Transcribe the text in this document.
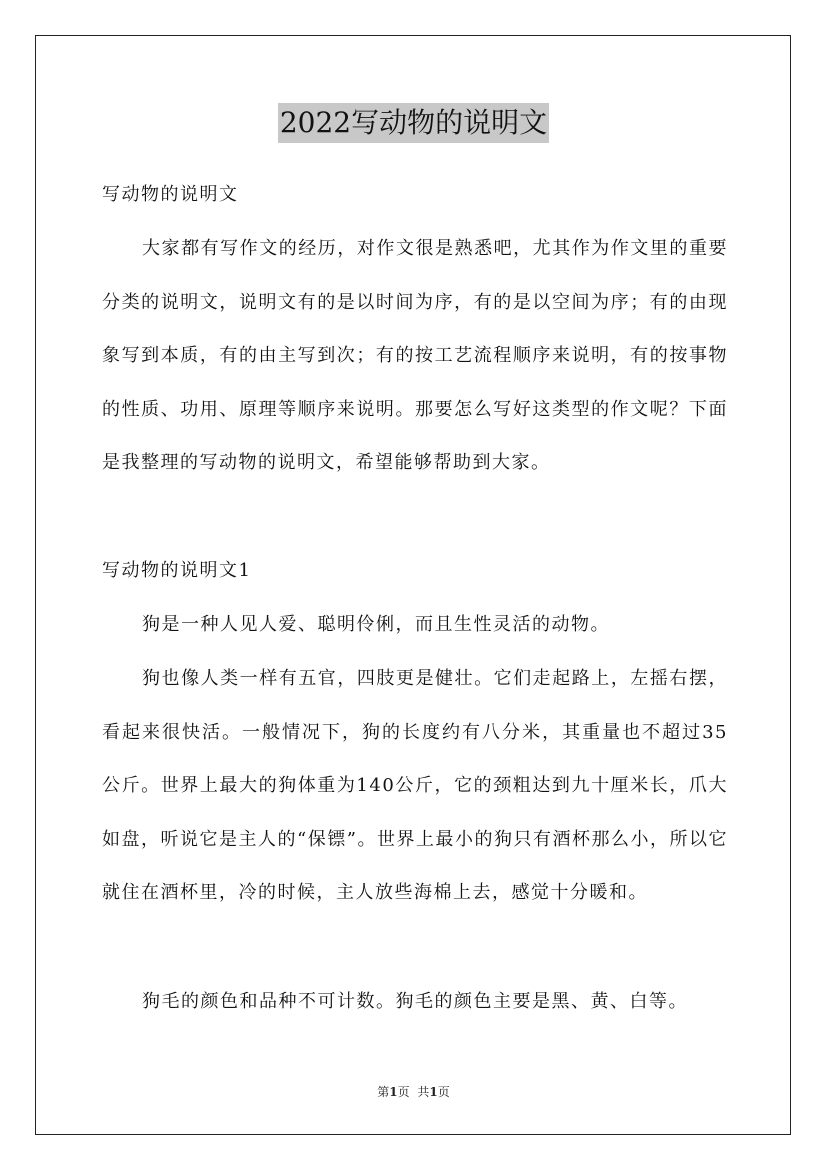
2022写动物的说明文

写动物的说明文

大家都有写作文的经历，对作文很是熟悉吧，尤其作为作文里的重要分类的说明文，说明文有的是以时间为序，有的是以空间为序；有的由现象写到本质，有的由主写到次；有的按工艺流程顺序来说明，有的按事物的性质、功用、原理等顺序来说明。那要怎么写好这类型的作文呢？下面是我整理的写动物的说明文，希望能够帮助到大家。

写动物的说明文1

狗是一种人见人爱、聪明伶俐，而且生性灵活的动物。

狗也像人类一样有五官，四肢更是健壮。它们走起路上，左摇右摆，看起来很快活。一般情况下，狗的长度约有八分米，其重量也不超过35公斤。世界上最大的狗体重为140公斤，它的颈粗达到九十厘米长，爪大如盘，听说它是主人的“保镖”。世界上最小的狗只有酒杯那么小，所以它就住在酒杯里，冷的时候，主人放些海棉上去，感觉十分暖和。

狗毛的颜色和品种不可计数。狗毛的颜色主要是黑、黄、白等。

第1页 共1页
